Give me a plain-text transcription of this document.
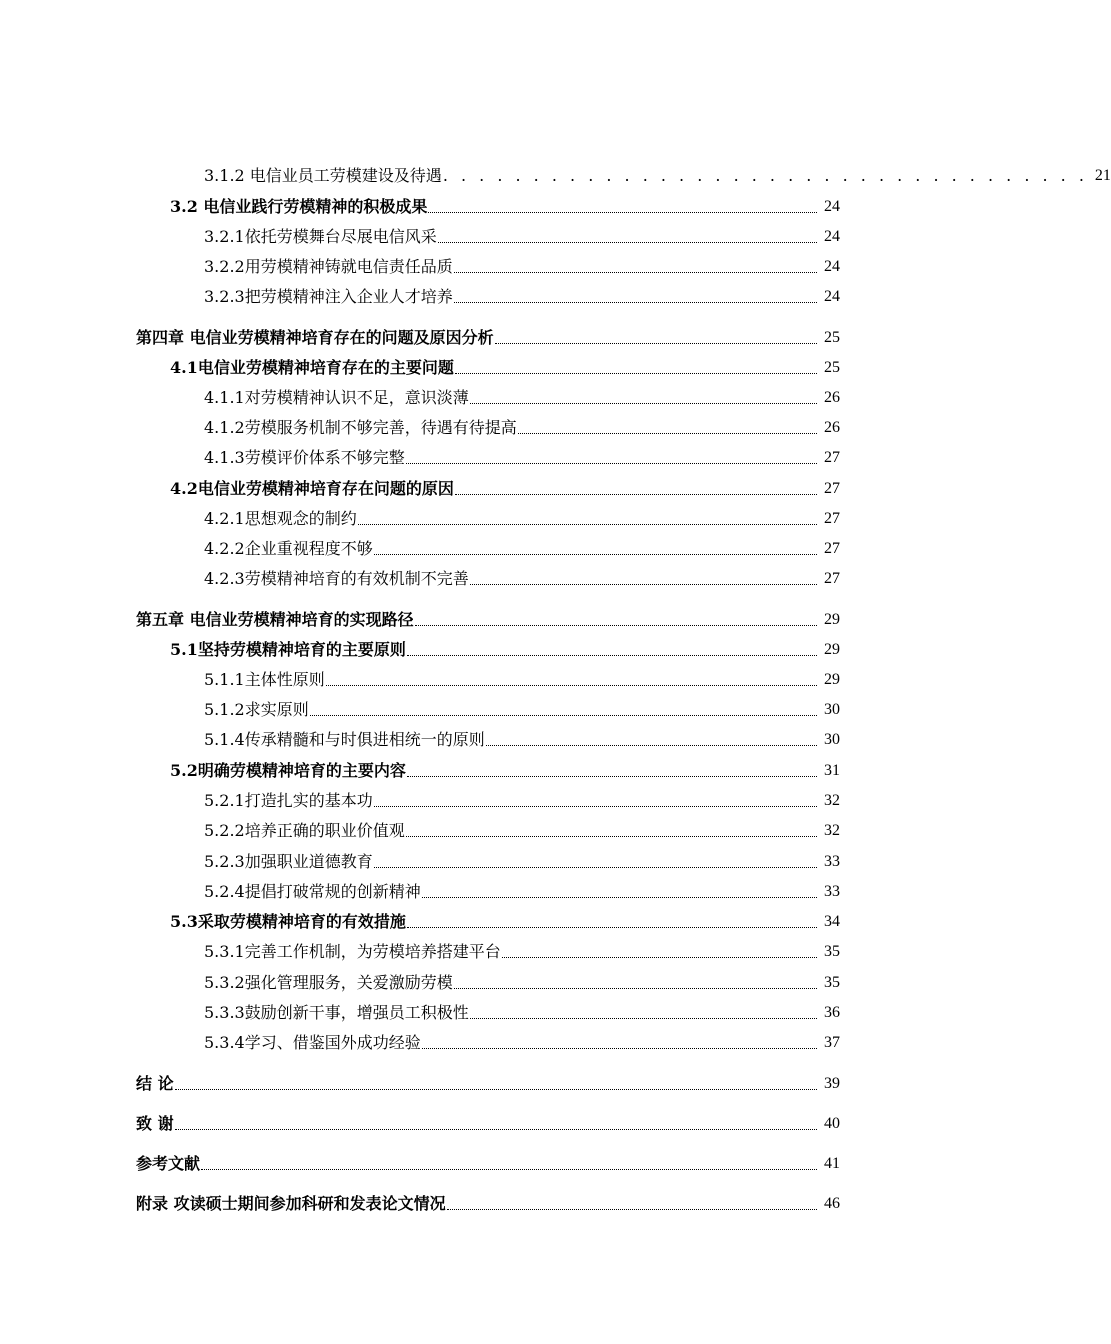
3.1.2 电信业员工劳模建设及待遇 . . . . . . . . . . . . . . . . . . . . . . . . . . . . . . . . . . . . 21
3.2 电信业践行劳模精神的积极成果	24
3.2.1依托劳模舞台尽展电信风采	24
3.2.2用劳模精神铸就电信责任品质	24
3.2.3把劳模精神注入企业人才培养	24
第四章 电信业劳模精神培育存在的问题及原因分析	25
4.1电信业劳模精神培育存在的主要问题	25
4.1.1对劳模精神认识不足，意识淡薄	26
4.1.2劳模服务机制不够完善，待遇有待提高	26
4.1.3劳模评价体系不够完整	27
4.2电信业劳模精神培育存在问题的原因	27
4.2.1思想观念的制约	27
4.2.2企业重视程度不够	27
4.2.3劳模精神培育的有效机制不完善	27
第五章 电信业劳模精神培育的实现路径	29
5.1坚持劳模精神培育的主要原则	29
5.1.1主体性原则	29
5.1.2求实原则	30
5.1.4传承精髓和与时俱进相统一的原则	30
5.2明确劳模精神培育的主要内容	31
5.2.1打造扎实的基本功	32
5.2.2培养正确的职业价值观	32
5.2.3加强职业道德教育	33
5.2.4提倡打破常规的创新精神	33
5.3采取劳模精神培育的有效措施	34
5.3.1完善工作机制，为劳模培养搭建平台	35
5.3.2强化管理服务，关爱激励劳模	35
5.3.3鼓励创新干事，增强员工积极性	36
5.3.4学习、借鉴国外成功经验	37
结 论	39
致 谢	40
参考文献	41
附录 攻读硕士期间参加科研和发表论文情况	46
